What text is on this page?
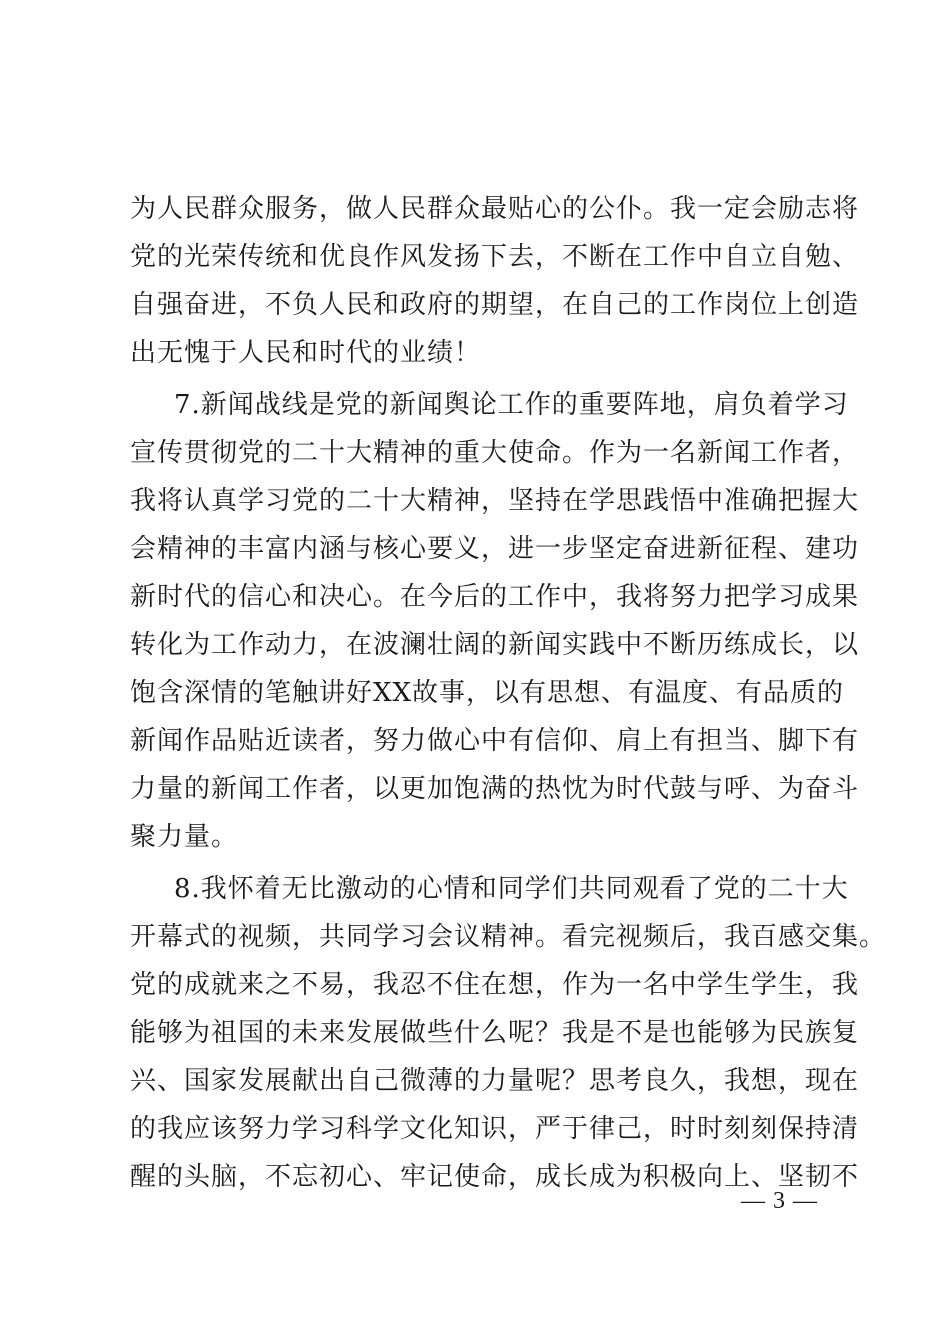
为人民群众服务，做人民群众最贴心的公仆。我一定会励志将
党的光荣传统和优良作风发扬下去，不断在工作中自立自勉、
自强奋进，不负人民和政府的期望，在自己的工作岗位上创造
出无愧于人民和时代的业绩！
7.新闻战线是党的新闻舆论工作的重要阵地，肩负着学习
宣传贯彻党的二十大精神的重大使命。作为一名新闻工作者，
我将认真学习党的二十大精神，坚持在学思践悟中准确把握大
会精神的丰富内涵与核心要义，进一步坚定奋进新征程、建功
新时代的信心和决心。在今后的工作中，我将努力把学习成果
转化为工作动力，在波澜壮阔的新闻实践中不断历练成长，以
饱含深情的笔触讲好XX故事，以有思想、有温度、有品质的
新闻作品贴近读者，努力做心中有信仰、肩上有担当、脚下有
力量的新闻工作者，以更加饱满的热忱为时代鼓与呼、为奋斗
聚力量。
8.我怀着无比激动的心情和同学们共同观看了党的二十大
开幕式的视频，共同学习会议精神。看完视频后，我百感交集。
党的成就来之不易，我忍不住在想，作为一名中学生学生，我
能够为祖国的未来发展做些什么呢？我是不是也能够为民族复
兴、国家发展献出自己微薄的力量呢？思考良久，我想，现在
的我应该努力学习科学文化知识，严于律己，时时刻刻保持清
醒的头脑，不忘初心、牢记使命，成长成为积极向上、坚韧不
— 3 —
